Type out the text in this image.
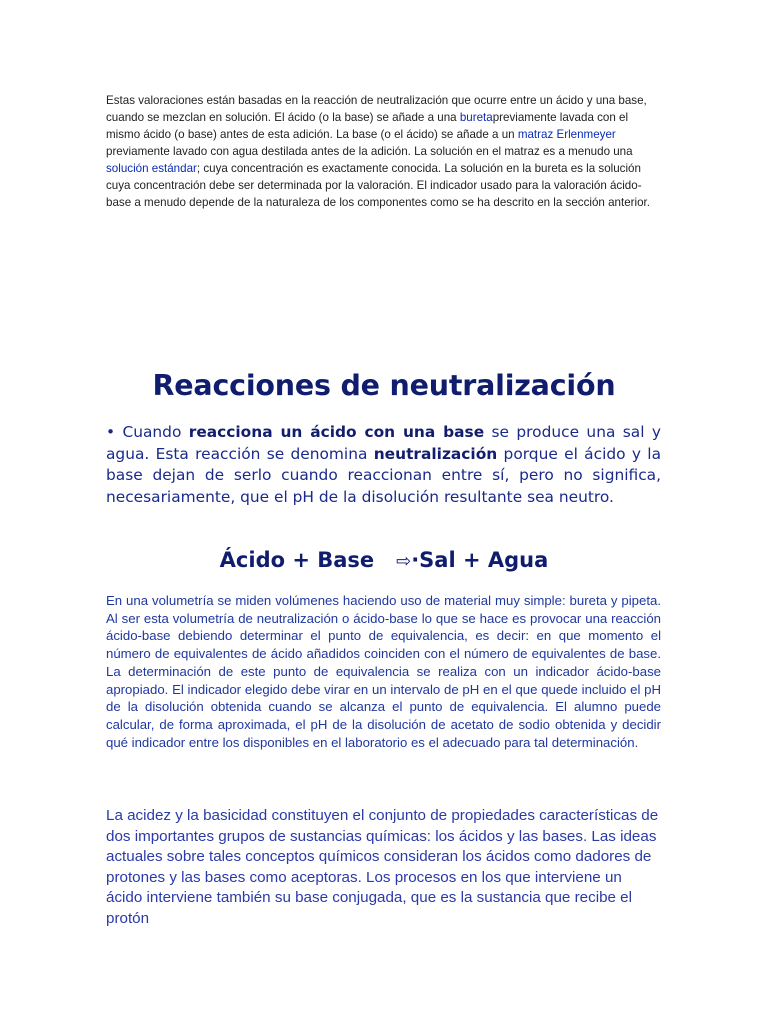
Estas valoraciones están basadas en la reacción de neutralización que ocurre entre un ácido y una base, cuando se mezclan en solución. El ácido (o la base) se añade a una buretapreviamente lavada con el mismo ácido (o base) antes de esta adición. La base (o el ácido) se añade a un matraz Erlenmeyer previamente lavado con agua destilada antes de la adición. La solución en el matraz es a menudo una solución estándar; cuya concentración es exactamente conocida. La solución en la bureta es la solución cuya concentración debe ser determinada por la valoración. El indicador usado para la valoración ácido-base a menudo depende de la naturaleza de los componentes como se ha descrito en la sección anterior.

Reacciones de neutralización

• Cuando reacciona un ácido con una base se produce una sal y agua. Esta reacción se denomina neutralización porque el ácido y la base dejan de serlo cuando reaccionan entre sí, pero no significa, necesariamente, que el pH de la disolución resultante sea neutro.

Ácido + Base ⇨·Sal + Agua

En una volumetría se miden volúmenes haciendo uso de material muy simple: bureta y pipeta. Al ser esta volumetría de neutralización o ácido-base lo que se hace es provocar una reacción ácido-base debiendo determinar el punto de equivalencia, es decir: en que momento el número de equivalentes de ácido añadidos coinciden con el número de equivalentes de base. La determinación de este punto de equivalencia se realiza con un indicador ácido-base apropiado. El indicador elegido debe virar en un intervalo de pH en el que quede incluido el pH de la disolución obtenida cuando se alcanza el punto de equivalencia. El alumno puede calcular, de forma aproximada, el pH de la disolución de acetato de sodio obtenida y decidir qué indicador entre los disponibles en el laboratorio es el adecuado para tal determinación.

La acidez y la basicidad constituyen el conjunto de propiedades características de dos importantes grupos de sustancias químicas: los ácidos y las bases. Las ideas actuales sobre tales conceptos químicos consideran los ácidos como dadores de protones y las bases como aceptoras. Los procesos en los que interviene un ácido interviene también su base conjugada, que es la sustancia que recibe el protón
